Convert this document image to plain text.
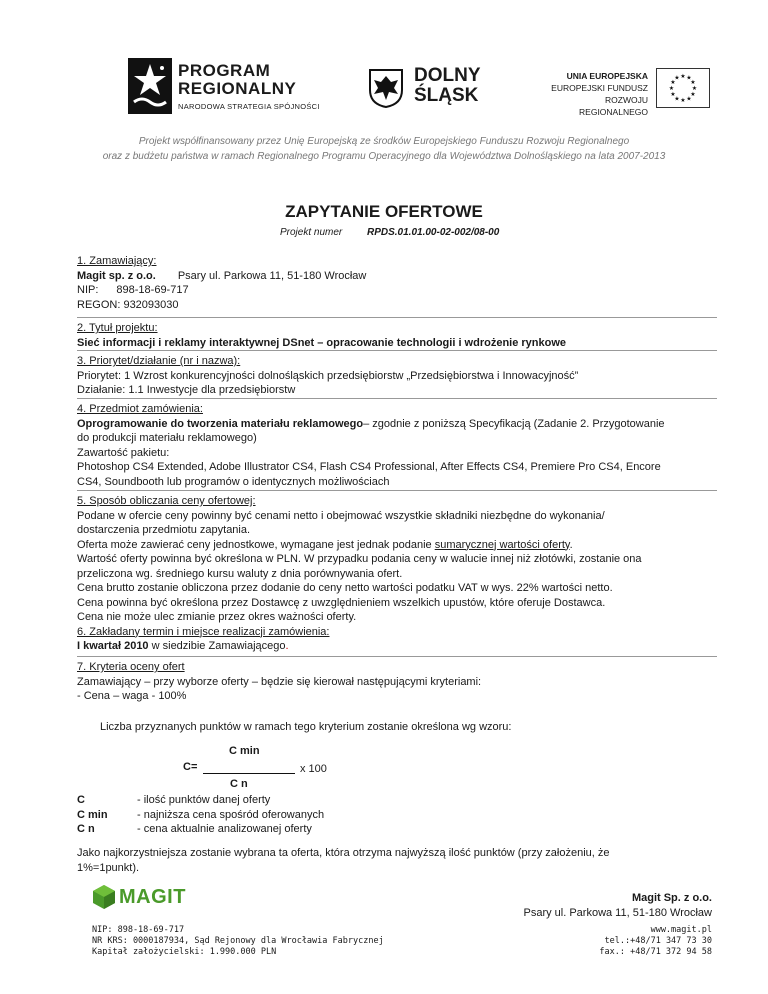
PROGRAM
REGIONALNY
NARODOWA STRATEGIA SPÓJNOŚCI
DOLNY
ŚLĄSK
UNIA EUROPEJSKA
EUROPEJSKI FUNDUSZ
ROZWOJU REGIONALNEGO
★ ★
★
★
★
★
★
★
★
★
★
★
Projekt współfinansowany przez Unię Europejską ze środków Europejskiego Funduszu Rozwoju Regionalnego
oraz z budżetu państwa w ramach Regionalnego Programu Operacyjnego dla Województwa Dolnośląskiego na lata 2007-2013
ZAPYTANIE OFERTOWE
Projekt numer RPDS.01.01.00-02-002/08-00
1. Zamawiający:
Magit sp. z o.o. Psary ul. Parkowa 11, 51-180 Wrocław
NIP: 898-18-69-717
REGON: 932093030
2. Tytuł projektu:
Sieć informacji i reklamy interaktywnej DSnet – opracowanie technologii i wdrożenie rynkowe
3. Priorytet/działanie (nr i nazwa):
Priorytet: 1 Wzrost konkurencyjności dolnośląskich przedsiębiorstw „Przedsiębiorstwa i Innowacyjność”
Działanie: 1.1 Inwestycje dla przedsiębiorstw
4. Przedmiot zamówienia:
Oprogramowanie do tworzenia materiału reklamowego– zgodnie z poniższą Specyfikacją (Zadanie 2. Przygotowanie
do produkcji materiału reklamowego)
Zawartość pakietu:
Photoshop CS4 Extended, Adobe Illustrator CS4, Flash CS4 Professional, After Effects CS4, Premiere Pro CS4, Encore
CS4, Soundbooth lub programów o identycznych możliwościach
5. Sposób obliczania ceny ofertowej:
Podane w ofercie ceny powinny być cenami netto i obejmować wszystkie składniki niezbędne do wykonania/
dostarczenia przedmiotu zapytania.
Oferta może zawierać ceny jednostkowe, wymagane jest jednak podanie sumarycznej wartości oferty.
Wartość oferty powinna być określona w PLN. W przypadku podania ceny w walucie innej niż złotówki, zostanie ona
przeliczona wg. średniego kursu waluty z dnia porównywania ofert.
Cena brutto zostanie obliczona przez dodanie do ceny netto wartości podatku VAT w wys. 22% wartości netto.
Cena powinna być określona przez Dostawcę z uwzględnieniem wszelkich upustów, które oferuje Dostawca.
Cena nie może ulec zmianie przez okres ważności oferty.
6. Zakładany termin i miejsce realizacji zamówienia:
I kwartał 2010 w siedzibie Zamawiającego.
7. Kryteria oceny ofert
Zamawiający – przy wyborze oferty – będzie się kierował następującymi kryteriami:
- Cena – waga - 100%
Liczba przyznanych punktów w ramach tego kryterium zostanie określona wg wzoru:
C min
C=	x 100
C n
C	- ilość punktów danej oferty
C min	- najniższa cena spośród oferowanych
C n	- cena aktualnie analizowanej oferty
Jako najkorzystniejsza zostanie wybrana ta oferta, która otrzyma najwyższą ilość punktów (przy założeniu, że
1%=1punkt).
MAGIT	Magit Sp. z o.o.
Psary ul. Parkowa 11, 51-180 Wrocław
NIP: 898-18-69-717
NR KRS: 0000187934, Sąd Rejonowy dla Wrocławia Fabrycznej
Kapitał założycielski: 1.990.000 PLN
www.magit.pl
tel.:+48/71 347 73 30
fax.: +48/71 372 94 58
